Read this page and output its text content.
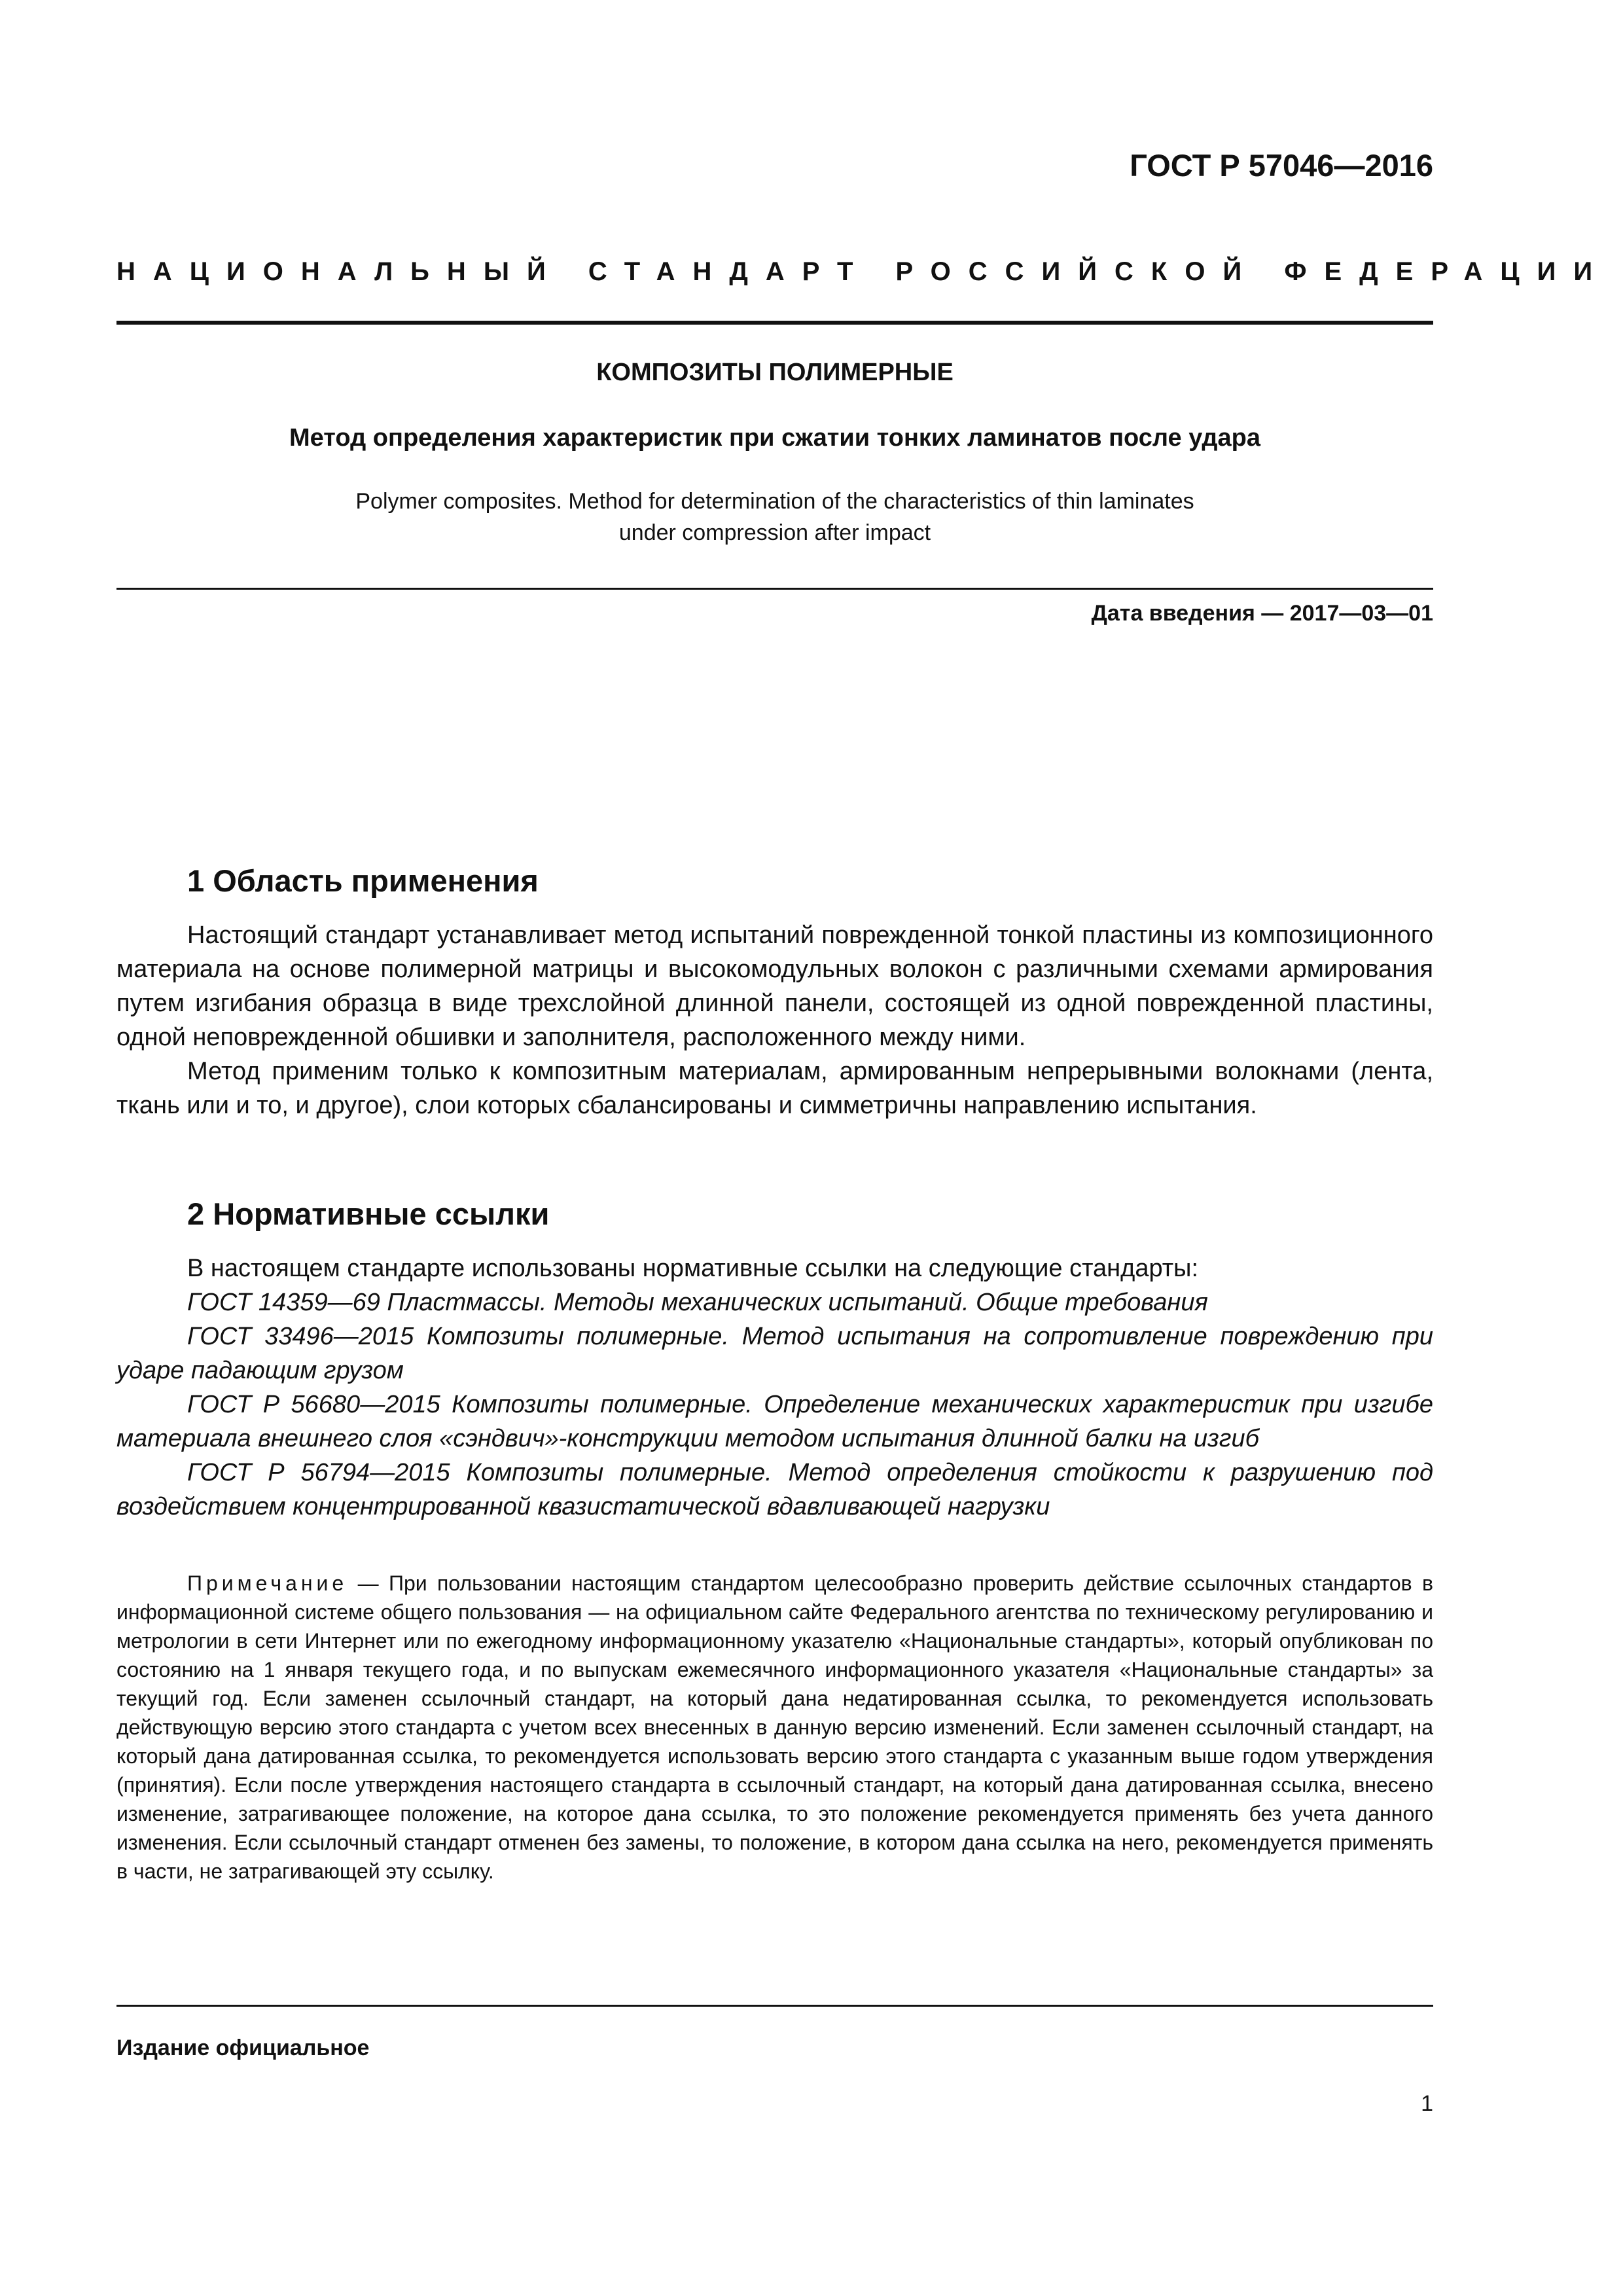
ГОСТ Р 57046—2016
НАЦИОНАЛЬНЫЙ СТАНДАРТ РОССИЙСКОЙ ФЕДЕРАЦИИ
КОМПОЗИТЫ ПОЛИМЕРНЫЕ
Метод определения характеристик при сжатии тонких ламинатов после удара
Polymer composites. Method for determination of the characteristics of thin laminates
under compression after impact
Дата введения — 2017—03—01
1 Область применения

Настоящий стандарт устанавливает метод испытаний поврежденной тонкой пластины из композиционного материала на основе полимерной матрицы и высокомодульных волокон с различными схемами армирования путем изгибания образца в виде трехслойной длинной панели, состоящей из одной поврежденной пластины, одной неповрежденной обшивки и заполнителя, расположенного между ними.

Метод применим только к композитным материалам, армированным непрерывными волокнами (лента, ткань или и то, и другое), слои которых сбалансированы и симметричны направлению испытания.

2 Нормативные ссылки

В настоящем стандарте использованы нормативные ссылки на следующие стандарты:

ГОСТ 14359—69 Пластмассы. Методы механических испытаний. Общие требования

ГОСТ 33496—2015 Композиты полимерные. Метод испытания на сопротивление повреждению при ударе падающим грузом

ГОСТ Р 56680—2015 Композиты полимерные. Определение механических характеристик при изгибе материала внешнего слоя «сэндвич»-конструкции методом испытания длинной балки на изгиб

ГОСТ Р 56794—2015 Композиты полимерные. Метод определения стойкости к разрушению под воздействием концентрированной квазистатической вдавливающей нагрузки

Примечание — При пользовании настоящим стандартом целесообразно проверить действие ссылочных стандартов в информационной системе общего пользования — на официальном сайте Федерального агентства по техническому регулированию и метрологии в сети Интернет или по ежегодному информационному указателю «Национальные стандарты», который опубликован по состоянию на 1 января текущего года, и по выпускам ежемесячного информационного указателя «Национальные стандарты» за текущий год. Если заменен ссылочный стандарт, на который дана недатированная ссылка, то рекомендуется использовать действующую версию этого стандарта с учетом всех внесенных в данную версию изменений. Если заменен ссылочный стандарт, на который дана датированная ссылка, то рекомендуется использовать версию этого стандарта с указанным выше годом утверждения (принятия). Если после утверждения настоящего стандарта в ссылочный стандарт, на который дана датированная ссылка, внесено изменение, затрагивающее положение, на которое дана ссылка, то это положение рекомендуется применять без учета данного изменения. Если ссылочный стандарт отменен без замены, то положение, в котором дана ссылка на него, рекомендуется применять в части, не затрагивающей эту ссылку.

Издание официальное
1
